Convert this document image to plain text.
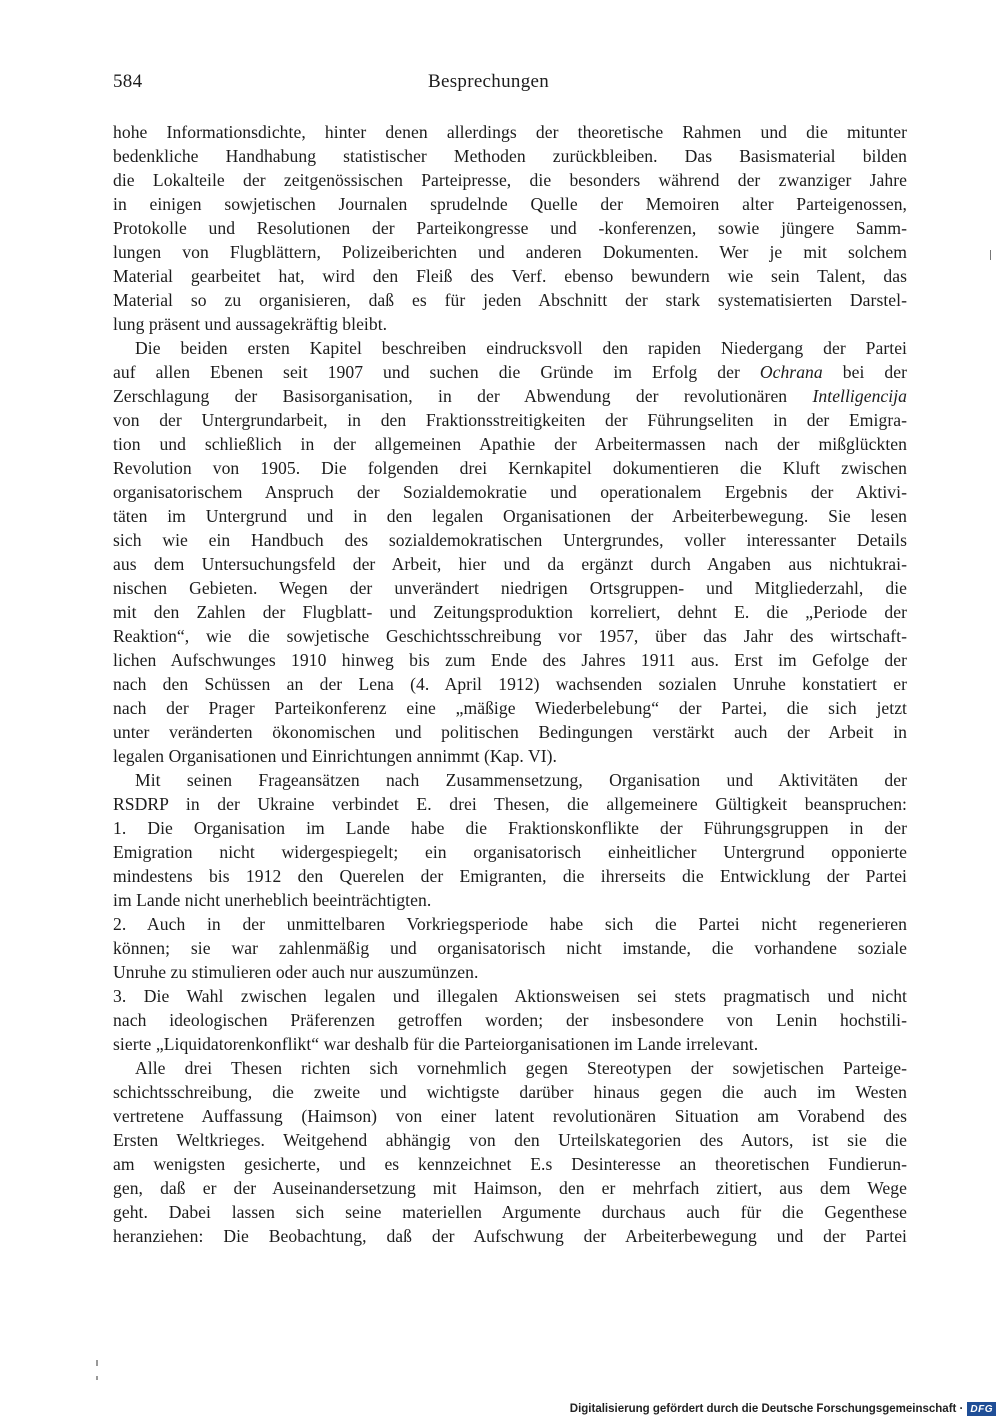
584	Besprechungen
hohe Informationsdichte, hinter denen allerdings der theoretische Rahmen und die mitunter
bedenkliche Handhabung statistischer Methoden zurückbleiben. Das Basismaterial bilden
die Lokalteile der zeitgenössischen Parteipresse, die besonders während der zwanziger Jahre
in einigen sowjetischen Journalen sprudelnde Quelle der Memoiren alter Parteigenossen,
Protokolle und Resolutionen der Parteikongresse und -konferenzen, sowie jüngere Samm-
lungen von Flugblättern, Polizeiberichten und anderen Dokumenten. Wer je mit solchem
Material gearbeitet hat, wird den Fleiß des Verf. ebenso bewundern wie sein Talent, das
Material so zu organisieren, daß es für jeden Abschnitt der stark systematisierten Darstel-
lung präsent und aussagekräftig bleibt.
Die beiden ersten Kapitel beschreiben eindrucksvoll den rapiden Niedergang der Partei
auf allen Ebenen seit 1907 und suchen die Gründe im Erfolg der Ochrana bei der
Zerschlagung der Basisorganisation, in der Abwendung der revolutionären Intelligencija
von der Untergrundarbeit, in den Fraktionsstreitigkeiten der Führungseliten in der Emigra-
tion und schließlich in der allgemeinen Apathie der Arbeitermassen nach der mißglückten
Revolution von 1905. Die folgenden drei Kernkapitel dokumentieren die Kluft zwischen
organisatorischem Anspruch der Sozialdemokratie und operationalem Ergebnis der Aktivi-
täten im Untergrund und in den legalen Organisationen der Arbeiterbewegung. Sie lesen
sich wie ein Handbuch des sozialdemokratischen Untergrundes, voller interessanter Details
aus dem Untersuchungsfeld der Arbeit, hier und da ergänzt durch Angaben aus nichtukrai-
nischen Gebieten. Wegen der unverändert niedrigen Ortsgruppen- und Mitgliederzahl, die
mit den Zahlen der Flugblatt- und Zeitungsproduktion korreliert, dehnt E. die „Periode der
Reaktion“, wie die sowjetische Geschichtsschreibung vor 1957, über das Jahr des wirtschaft-
lichen Aufschwunges 1910 hinweg bis zum Ende des Jahres 1911 aus. Erst im Gefolge der
nach den Schüssen an der Lena (4. April 1912) wachsenden sozialen Unruhe konstatiert er
nach der Prager Parteikonferenz eine „mäßige Wiederbelebung“ der Partei, die sich jetzt
unter veränderten ökonomischen und politischen Bedingungen verstärkt auch der Arbeit in
legalen Organisationen und Einrichtungen annimmt (Kap. VI).
Mit seinen Frageansätzen nach Zusammensetzung, Organisation und Aktivitäten der
RSDRP in der Ukraine verbindet E. drei Thesen, die allgemeinere Gültigkeit beanspruchen:
1. Die Organisation im Lande habe die Fraktionskonflikte der Führungsgruppen in der
Emigration nicht widergespiegelt; ein organisatorisch einheitlicher Untergrund opponierte
mindestens bis 1912 den Querelen der Emigranten, die ihrerseits die Entwicklung der Partei
im Lande nicht unerheblich beeinträchtigten.
2. Auch in der unmittelbaren Vorkriegsperiode habe sich die Partei nicht regenerieren
können; sie war zahlenmäßig und organisatorisch nicht imstande, die vorhandene soziale
Unruhe zu stimulieren oder auch nur auszumünzen.
3. Die Wahl zwischen legalen und illegalen Aktionsweisen sei stets pragmatisch und nicht
nach ideologischen Präferenzen getroffen worden; der insbesondere von Lenin hochstili-
sierte „Liquidatorenkonflikt“ war deshalb für die Parteiorganisationen im Lande irrelevant.
Alle drei Thesen richten sich vornehmlich gegen Stereotypen der sowjetischen Parteige-
schichtsschreibung, die zweite und wichtigste darüber hinaus gegen die auch im Westen
vertretene Auffassung (Haimson) von einer latent revolutionären Situation am Vorabend des
Ersten Weltkrieges. Weitgehend abhängig von den Urteilskategorien des Autors, ist sie die
am wenigsten gesicherte, und es kennzeichnet E.s Desinteresse an theoretischen Fundierun-
gen, daß er der Auseinandersetzung mit Haimson, den er mehrfach zitiert, aus dem Wege
geht. Dabei lassen sich seine materiellen Argumente durchaus auch für die Gegenthese
heranziehen: Die Beobachtung, daß der Aufschwung der Arbeiterbewegung und der Partei
Digitalisierung gefördert durch die Deutsche Forschungsgemeinschaft · DFG
